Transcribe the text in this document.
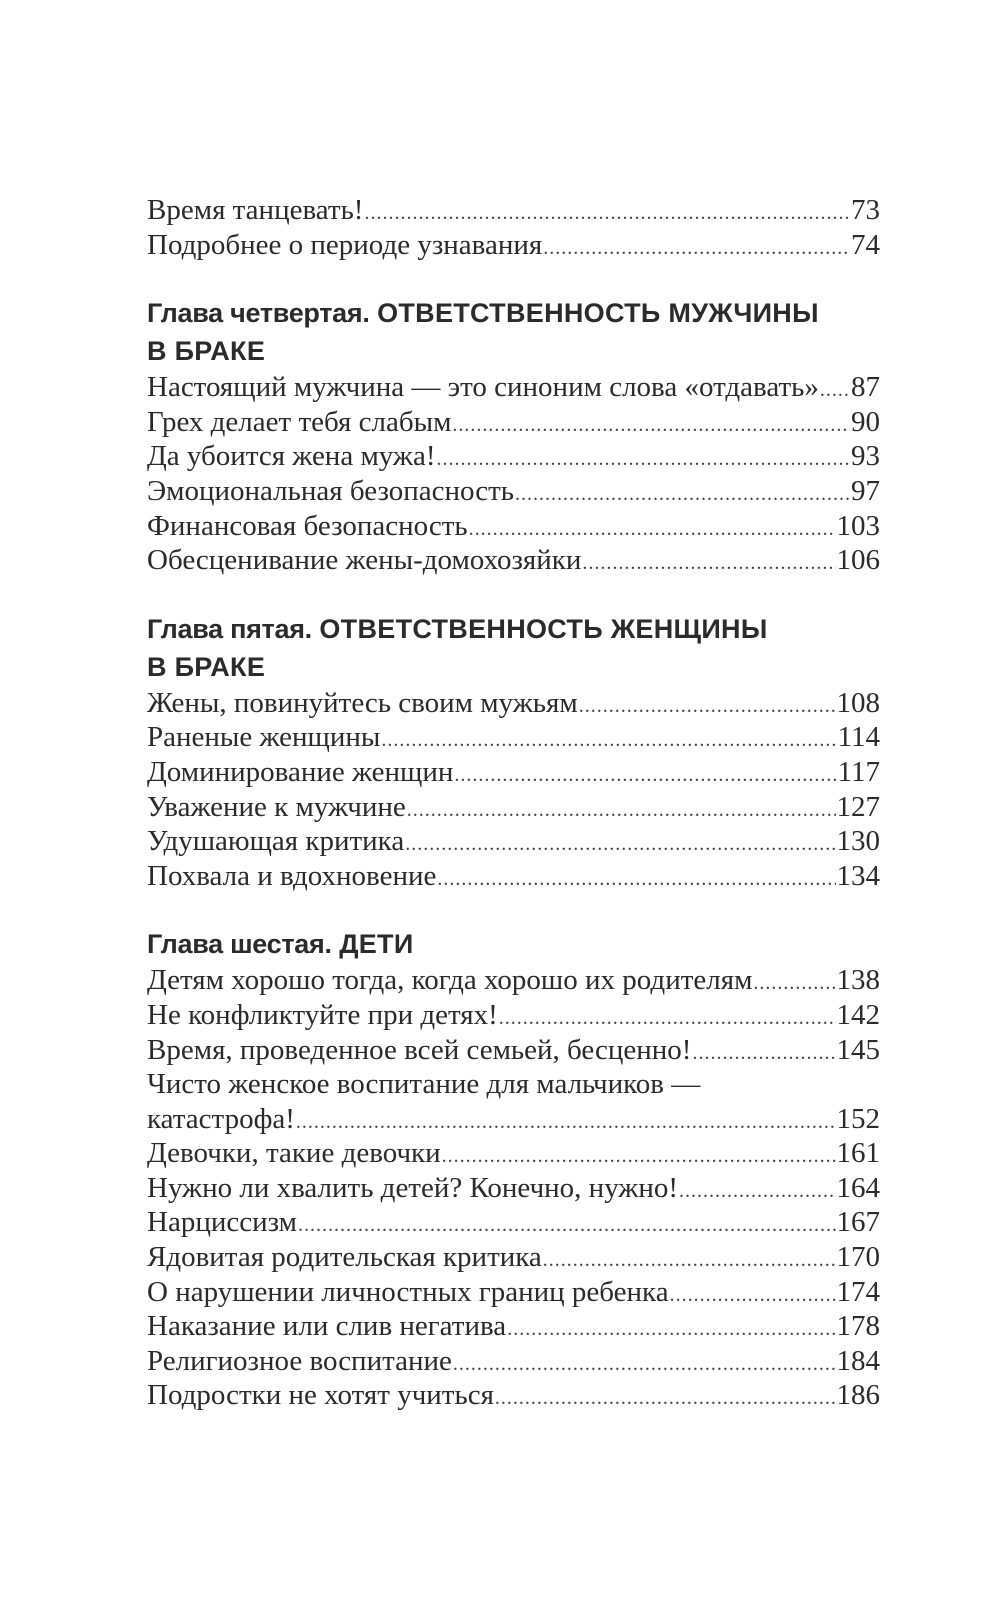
Время танцевать! .....	73
Подробнее о периоде узнавания .....	74
Глава четвертая. ОТВЕТСТВЕННОСТЬ МУЖЧИНЫ
В БРАКЕ
Настоящий мужчина — это синоним слова «отдавать» ..... 87
Грех делает тебя слабым .....	90
Да убоится жена мужа! .....	93
Эмоциональная безопасность .....	97
Финансовая безопасность .....	103
Обесценивание жены-домохозяйки .....	106
Глава пятая. ОТВЕТСТВЕННОСТЬ ЖЕНЩИНЫ
В БРАКЕ
Жены, повинуйтесь своим мужьям .....	108
Раненые женщины .....	114
Доминирование женщин .....	117
Уважение к мужчине .....	127
Удушающая критика .....	130
Похвала и вдохновение .....	134
Глава шестая. ДЕТИ
Детям хорошо тогда, когда хорошо их родителям .....	138
Не конфликтуйте при детях! .....	142
Время, проведенное всей семьей, бесценно! .....	145
Чисто женское воспитание для мальчиков —
катастрофа! .....	152
Девочки, такие девочки .....	161
Нужно ли хвалить детей? Конечно, нужно! .....	164
Нарциссизм .....	167
Ядовитая родительская критика .....	170
О нарушении личностных границ ребенка .....	174
Наказание или слив негатива .....	178
Религиозное воспитание .....	184
Подростки не хотят учиться .....	186
